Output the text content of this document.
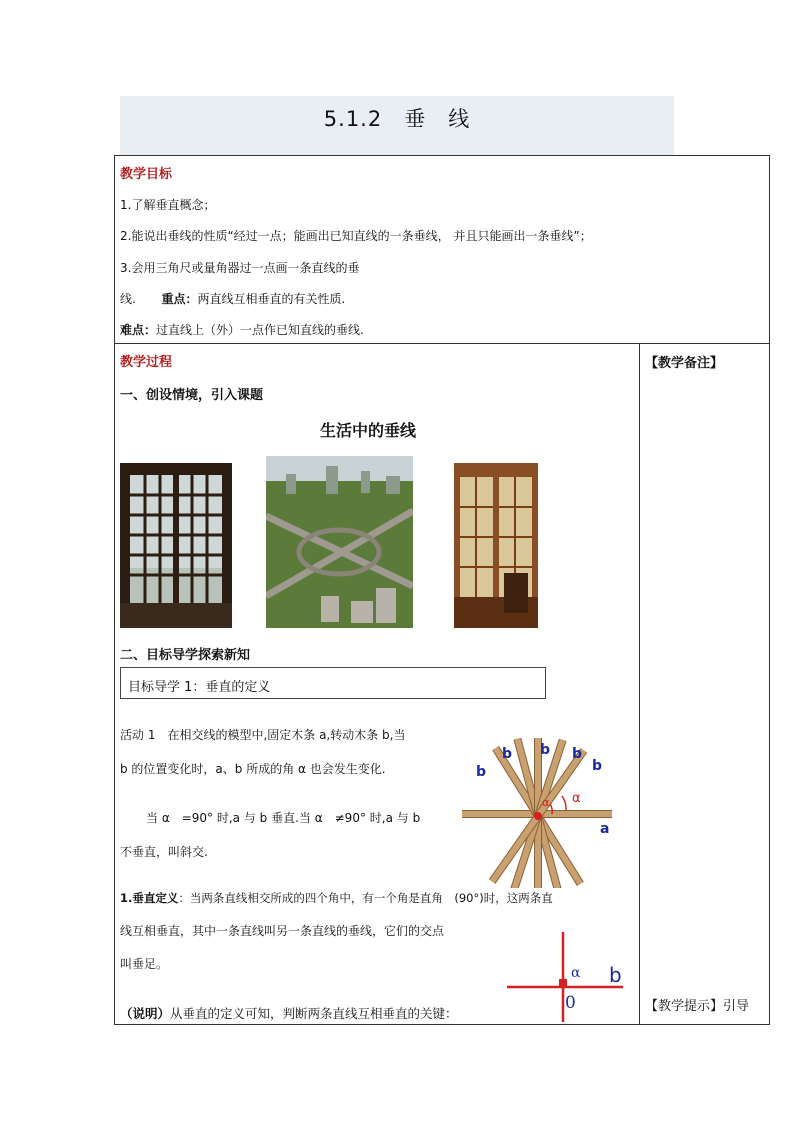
5.1.2　垂　线
教学目标
1.了解垂直概念；
2.能说出垂线的性质“经过一点；能画出已知直线的一条垂线， 并且只能画出一条垂线”；
3.会用三角尺或量角器过一点画一条直线的垂
线. 重点：两直线互相垂直的有关性质.
难点：过直线上（外）一点作已知直线的垂线.
教学过程
一、创设情境，引入课题
生活中的垂线
二、目标导学探索新知
目标导学 1：垂直的定义
活动 1　在相交线的模型中,固定木条 a,转动木条 b,当
b 的位置变化时，a、b 所成的角 α 也会发生变化.
当 α　=90° 时,a 与 b 垂直.当 α　≠90° 时,a 与 b
不垂直，叫斜交.
α α
a
b
b b b
b
1.垂直定义：当两条直线相交所成的四个角中，有一个角是直角　(90°)时，这两条直
线互相垂直，其中一条直线叫另一条直线的垂线，它们的交点
叫垂足。
α b
0
（说明）从垂直的定义可知，判断两条直线互相垂直的关键：
【教学备注】
【教学提示】引导
